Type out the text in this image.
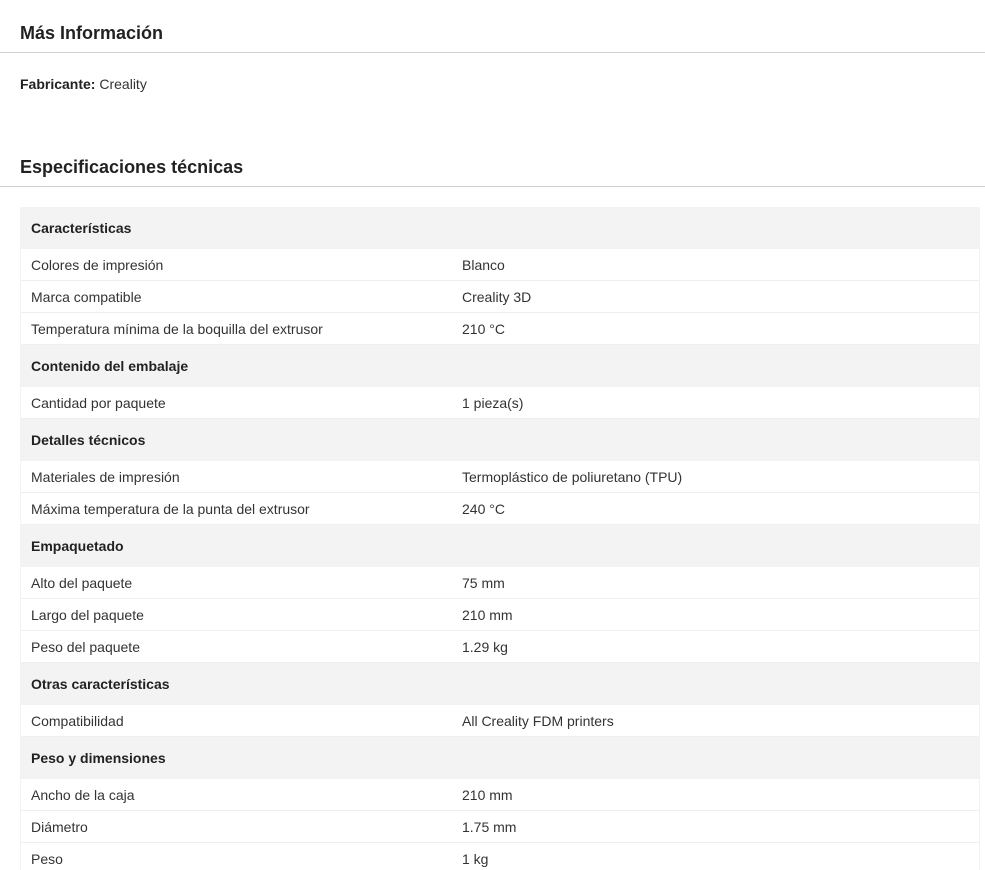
Más Información
Fabricante: Creality
Especificaciones técnicas
Características	
Colores de impresión	Blanco
Marca compatible	Creality 3D
Temperatura mínima de la boquilla del extrusor	210 °C
Contenido del embalaje	
Cantidad por paquete	1 pieza(s)
Detalles técnicos	
Materiales de impresión	Termoplástico de poliuretano (TPU)
Máxima temperatura de la punta del extrusor	240 °C
Empaquetado	
Alto del paquete	75 mm
Largo del paquete	210 mm
Peso del paquete	1.29 kg
Otras características	
Compatibilidad	All Creality FDM printers
Peso y dimensiones	
Ancho de la caja	210 mm
Diámetro	1.75 mm
Peso	1 kg
